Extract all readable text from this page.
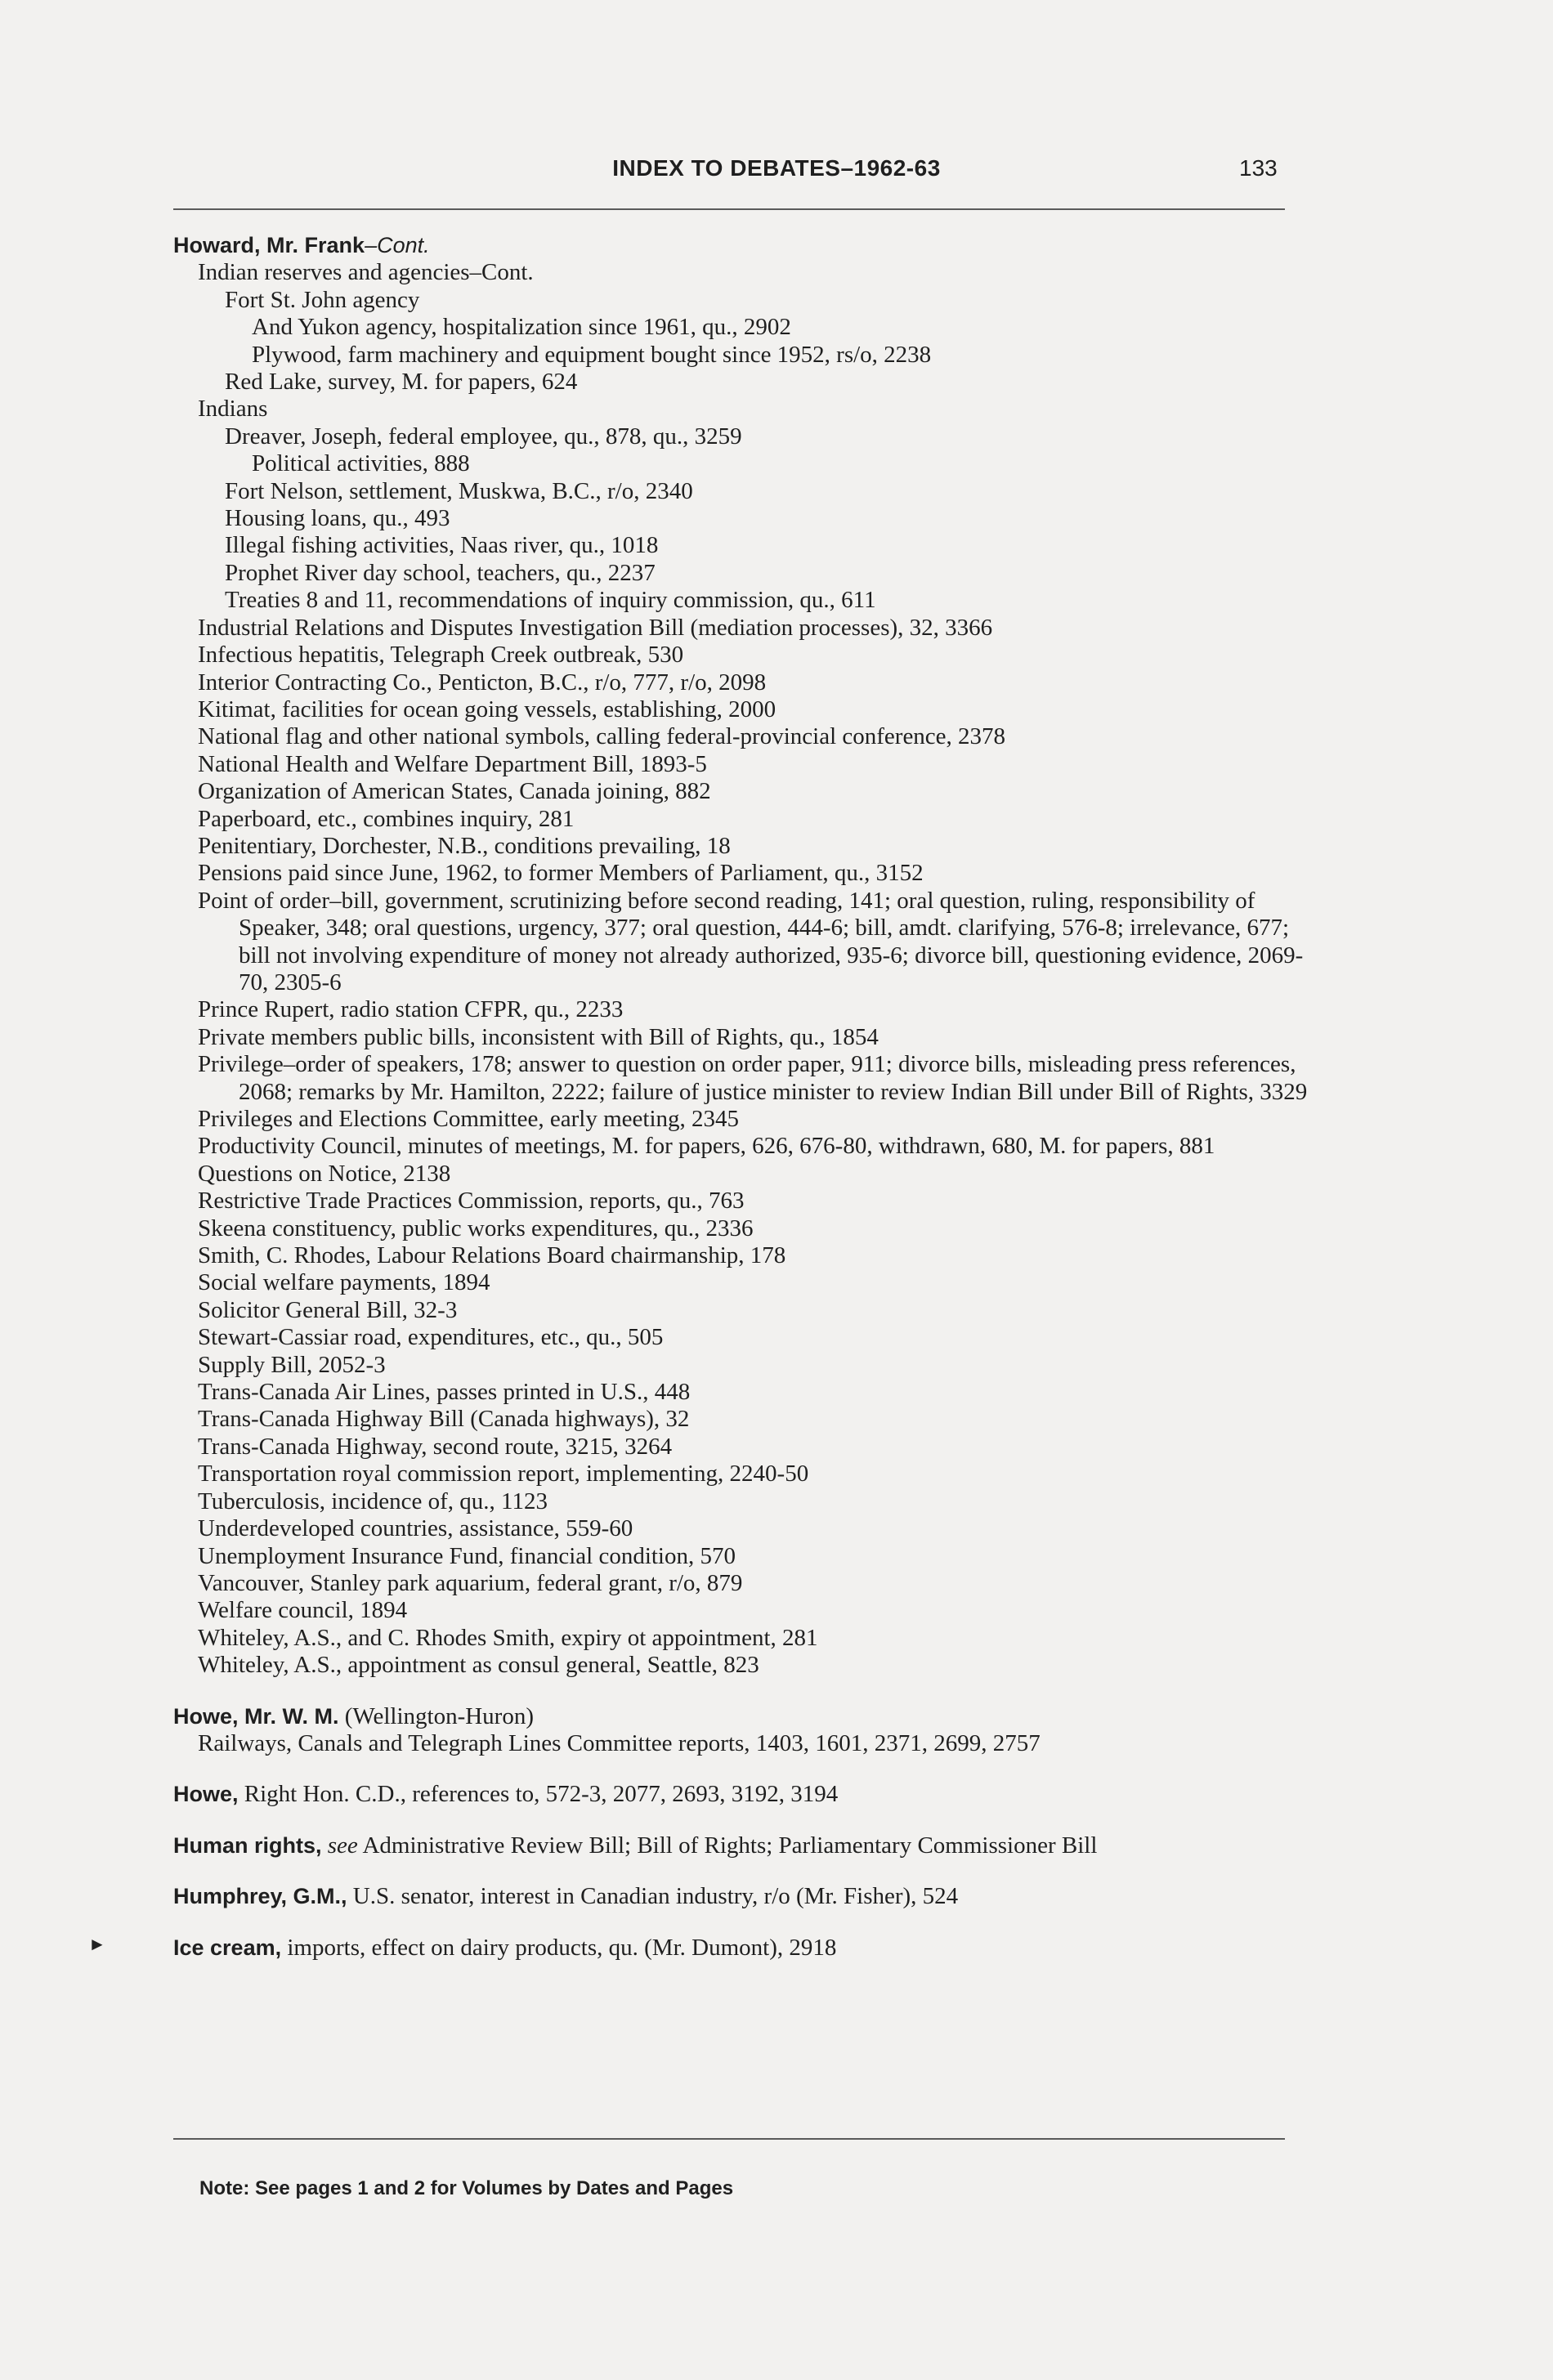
INDEX TO DEBATES–1962-63	133
Howard, Mr. Frank–Cont.
Indian reserves and agencies–Cont.
Fort St. John agency
And Yukon agency, hospitalization since 1961, qu., 2902
Plywood, farm machinery and equipment bought since 1952, rs/o, 2238
Red Lake, survey, M. for papers, 624
Indians
Dreaver, Joseph, federal employee, qu., 878, qu., 3259
Political activities, 888
Fort Nelson, settlement, Muskwa, B.C., r/o, 2340
Housing loans, qu., 493
Illegal fishing activities, Naas river, qu., 1018
Prophet River day school, teachers, qu., 2237
Treaties 8 and 11, recommendations of inquiry commission, qu., 611
Industrial Relations and Disputes Investigation Bill (mediation processes), 32, 3366
Infectious hepatitis, Telegraph Creek outbreak, 530
Interior Contracting Co., Penticton, B.C., r/o, 777, r/o, 2098
Kitimat, facilities for ocean going vessels, establishing, 2000
National flag and other national symbols, calling federal-provincial conference, 2378
National Health and Welfare Department Bill, 1893-5
Organization of American States, Canada joining, 882
Paperboard, etc., combines inquiry, 281
Penitentiary, Dorchester, N.B., conditions prevailing, 18
Pensions paid since June, 1962, to former Members of Parliament, qu., 3152
Point of order–bill, government, scrutinizing before second reading, 141; oral question, ruling, responsibility of Speaker, 348; oral questions, urgency, 377; oral question, 444-6; bill, amdt. clarifying, 576-8; irrelevance, 677; bill not involving expenditure of money not already authorized, 935-6; divorce bill, questioning evidence, 2069-70, 2305-6
Prince Rupert, radio station CFPR, qu., 2233
Private members public bills, inconsistent with Bill of Rights, qu., 1854
Privilege–order of speakers, 178; answer to question on order paper, 911; divorce bills, misleading press references, 2068; remarks by Mr. Hamilton, 2222; failure of justice minister to review Indian Bill under Bill of Rights, 3329
Privileges and Elections Committee, early meeting, 2345
Productivity Council, minutes of meetings, M. for papers, 626, 676-80, withdrawn, 680, M. for papers, 881
Questions on Notice, 2138
Restrictive Trade Practices Commission, reports, qu., 763
Skeena constituency, public works expenditures, qu., 2336
Smith, C. Rhodes, Labour Relations Board chairmanship, 178
Social welfare payments, 1894
Solicitor General Bill, 32-3
Stewart-Cassiar road, expenditures, etc., qu., 505
Supply Bill, 2052-3
Trans-Canada Air Lines, passes printed in U.S., 448
Trans-Canada Highway Bill (Canada highways), 32
Trans-Canada Highway, second route, 3215, 3264
Transportation royal commission report, implementing, 2240-50
Tuberculosis, incidence of, qu., 1123
Underdeveloped countries, assistance, 559-60
Unemployment Insurance Fund, financial condition, 570
Vancouver, Stanley park aquarium, federal grant, r/o, 879
Welfare council, 1894
Whiteley, A.S., and C. Rhodes Smith, expiry ot appointment, 281
Whiteley, A.S., appointment as consul general, Seattle, 823
Howe, Mr. W. M. (Wellington-Huron)
Railways, Canals and Telegraph Lines Committee reports, 1403, 1601, 2371, 2699, 2757
Howe, Right Hon. C.D., references to, 572-3, 2077, 2693, 3192, 3194
Human rights, see Administrative Review Bill; Bill of Rights; Parliamentary Commissioner Bill
Humphrey, G.M., U.S. senator, interest in Canadian industry, r/o (Mr. Fisher), 524
Ice cream, imports, effect on dairy products, qu. (Mr. Dumont), 2918
►
Note: See pages 1 and 2 for Volumes by Dates and Pages
